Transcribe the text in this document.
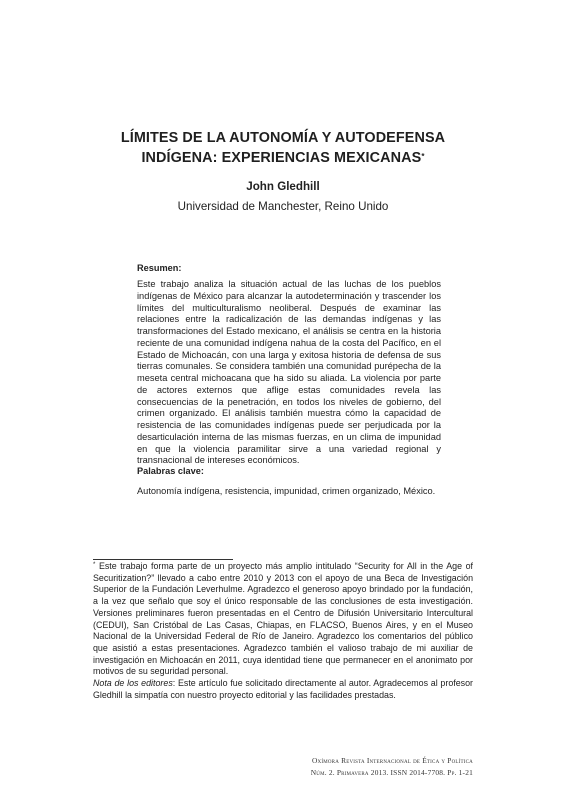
LÍMITES DE LA AUTONOMÍA Y AUTODEFENSA INDÍGENA: EXPERIENCIAS MEXICANAS*
John Gledhill
Universidad de Manchester, Reino Unido
Resumen:
Este trabajo analiza la situación actual de las luchas de los pueblos indígenas de México para alcanzar la autodeterminación y trascender los límites del multiculturalismo neoliberal. Después de examinar las relaciones entre la radicalización de las demandas indígenas y las transformaciones del Estado mexicano, el análisis se centra en la historia reciente de una comunidad indígena nahua de la costa del Pacífico, en el Estado de Michoacán, con una larga y exitosa historia de defensa de sus tierras comunales. Se considera también una comunidad purépecha de la meseta central michoacana que ha sido su aliada. La violencia por parte de actores externos que aflige estas comunidades revela las consecuencias de la penetración, en todos los niveles de gobierno, del crimen organizado. El análisis también muestra cómo la capacidad de resistencia de las comunidades indígenas puede ser perjudicada por la desarticulación interna de las mismas fuerzas, en un clima de impunidad en que la violencia paramilitar sirve a una variedad regional y transnacional de intereses económicos.
Palabras clave:
Autonomía indígena, resistencia, impunidad, crimen organizado, México.
* Este trabajo forma parte de un proyecto más amplio intitulado “Security for All in the Age of Securitization?” llevado a cabo entre 2010 y 2013 con el apoyo de una Beca de Investigación Superior de la Fundación Leverhulme. Agradezco el generoso apoyo brindado por la fundación, a la vez que señalo que soy el único responsable de las conclusiones de esta investigación. Versiones preliminares fueron presentadas en el Centro de Difusión Universitario Intercultural (CEDUI), San Cristóbal de Las Casas, Chiapas, en FLACSO, Buenos Aires, y en el Museo Nacional de la Universidad Federal de Río de Janeiro. Agradezco los comentarios del público que asistió a estas presentaciones. Agradezco también el valioso trabajo de mi auxiliar de investigación en Michoacán en 2011, cuya identidad tiene que permanecer en el anonimato por motivos de su seguridad personal.
Nota de los editores: Este artículo fue solicitado directamente al autor. Agradecemos al profesor Gledhill la simpatía con nuestro proyecto editorial y las facilidades prestadas.
Oxímora Revista Internacional de Ética y Política
Núm. 2. Primavera 2013. ISSN 2014-7708. Pp. 1-21
